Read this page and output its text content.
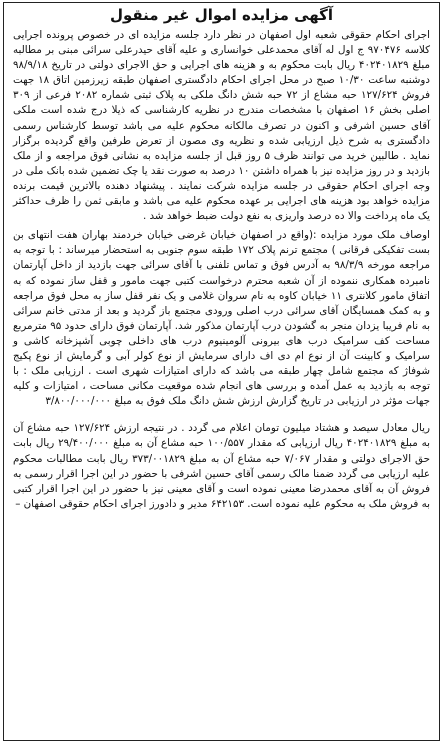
آگهی مزایده اموال غیر منقول

اجرای احکام حقوقی شعبه اول اصفهان در نظر دارد جلسه مزایده ای در خصوص پرونده اجرایی کلاسه ۹۷۰۴۷۶ ج اول له آقای محمدعلی خوانساری و علیه آقای حیدرعلی سرائی مبنی بر مطالبه مبلغ ۴۰۲۴۰۱۸۲۹ ریال بابت محکوم به و هزینه های اجرایی و حق الاجرای دولتی در تاریخ ۹۸/۹/۱۸ دوشنبه ساعت ۱۰/۳۰ صبح در محل اجرای احکام دادگستری اصفهان طبقه زیرزمین اتاق ۱۸ جهت فروش ۱۲۷/۶۲۴ حبه مشاع از ۷۲ حبه شش دانگ ملکی به پلاک ثبتی شماره ۲۰۸۲ فرعی از ۳۰۹ اصلی بخش ۱۶ اصفهان با مشخصات مندرج در نظریه کارشناسی که ذیلا درج شده است ملکی آقای حسین اشرفی و اکنون در تصرف مالکانه محکوم علیه می باشد توسط کارشناس رسمی دادگستری به شرح ذیل ارزیابی شده و نظریه وی مصون از تعرض طرفین واقع گردیده برگزار نماید . طالبین خرید می توانند ظرف ۵ روز قبل از جلسه مزایده به نشانی فوق مراجعه و از ملک بازدید و در روز مزایده نیز با همراه داشتن ۱۰ درصد به صورت نقد یا چک تضمین شده بانک ملی در وجه اجرای احکام حقوقی در جلسه مزایده شرکت نمایند . پیشنهاد دهنده بالاترین قیمت برنده مزایده خواهد بود هزینه های اجرایی بر عهده محکوم علیه می باشد و مابقی ثمن را ظرف حداکثر یک ماه پرداخت والا ده درصد واریزی به نفع دولت ضبط خواهد شد .

اوصاف ملک مورد مزایده :(واقع در اصفهان خیابان غرضی خیابان خردمند بهاران هفت انتهای بن بست تفکیکی فرقانی ) مجتمع ترنم پلاک ۱۷۲ طبقه سوم جنوبی به استحضار میرساند : با توجه به مراجعه مورخه ۹۸/۳/۹ به آدرس فوق و تماس تلفنی با آقای سرائی جهت بازدید از داخل آپارتمان نامبرده همکاری ننموده از آن شعبه محترم درخواست کتبی جهت مامور و قفل ساز نموده که به اتفاق مامور کلانتری ۱۱ خیابان کاوه به نام سروان غلامی و یک نفر قفل ساز به محل فوق مراجعه و به کمک همسایگان آقای سرائی درب اصلی ورودی مجتمع باز گردید و بعد از مدتی خانم سرائی به نام فریبا یزدان منجر به گشودن درب آپارتمان مذکور شد. آپارتمان فوق دارای حدود ۹۵ مترمربع مساحت کف سرامیک درب های بیرونی آلومینیوم درب های داخلی چوبی آشپزخانه کاشی و سرامیک و کابینت آن از نوع ام دی اف دارای سرمایش از نوع کولر آبی و گرمایش از نوع پکیج شوفاژ که مجتمع شامل چهار طبقه می باشد که دارای امتیازات شهری است . ارزیابی ملک : با توجه به بازدید به عمل آمده و بررسی های انجام شده موقعیت مکانی مساحت ، امتیازات و کلیه جهات مؤثر در ارزیابی در تاریخ گزارش ارزش شش دانگ ملک فوق به مبلغ ۳/۸۰۰/۰۰۰/۰۰۰

ریال معادل سیصد و هشتاد میلیون تومان اعلام می گردد . در نتیجه ارزش ۱۲۷/۶۲۴ حبه مشاع آن به مبلغ ۴۰۲۴۰۱۸۲۹ ریال ارزیابی که مقدار ۱۰۰/۵۵۷ حبه مشاع آن به مبلغ ۲۹/۴۰۰/۰۰۰ ریال بابت حق الاجرای دولتی و مقدار ۷/۰۶۷ حبه مشاع آن به مبلغ ۳۷۳/۰۰۱۸۲۹ ریال بابت مطالبات محکوم علیه ارزیابی می گردد ضمنا مالک رسمی آقای حسین اشرفی با حضور در این اجرا اقرار رسمی به فروش آن به آقای محمدرضا معینی نموده است و آقای معینی نیز با حضور در این اجرا اقرار کتبی به فروش ملک به محکوم علیه نموده است. ۶۴۲۱۵۳ مدیر و دادورز اجرای احکام حقوقی اصفهان –
